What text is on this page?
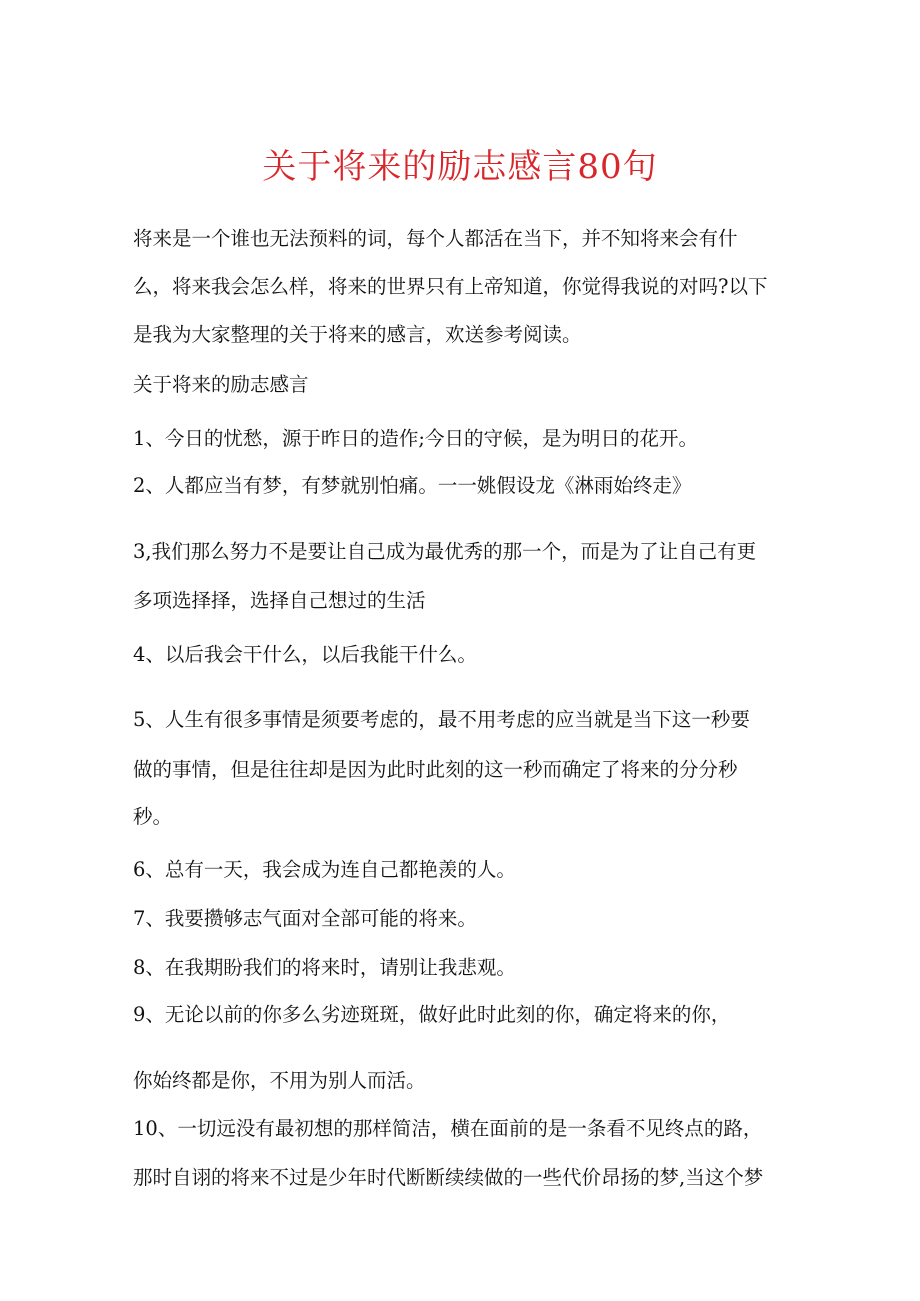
关于将来的励志感言80句
将来是一个谁也无法预料的词，每个人都活在当下，并不知将来会有什
么，将来我会怎么样，将来的世界只有上帝知道，你觉得我说的对吗?以下
是我为大家整理的关于将来的感言，欢送参考阅读。
关于将来的励志感言
1、今日的忧愁，源于昨日的造作;今日的守候，是为明日的花开。
2、人都应当有梦，有梦就别怕痛。一一姚假设龙《淋雨始终走》
3,我们那么努力不是要让自己成为最优秀的那一个，而是为了让自己有更
多项选择择，选择自己想过的生活
4、以后我会干什么，以后我能干什么。
5、人生有很多事情是须要考虑的，最不用考虑的应当就是当下这一秒要
做的事情，但是往往却是因为此时此刻的这一秒而确定了将来的分分秒
秒。
6、总有一天，我会成为连自己都艳羡的人。
7、我要攒够志气面对全部可能的将来。
8、在我期盼我们的将来时，请别让我悲观。
9、无论以前的你多么劣迹斑斑，做好此时此刻的你，确定将来的你，
你始终都是你，不用为别人而活。
10、一切远没有最初想的那样简洁，横在面前的是一条看不见终点的路，
那时自诩的将来不过是少年时代断断续续做的一些代价昂扬的梦,当这个梦
